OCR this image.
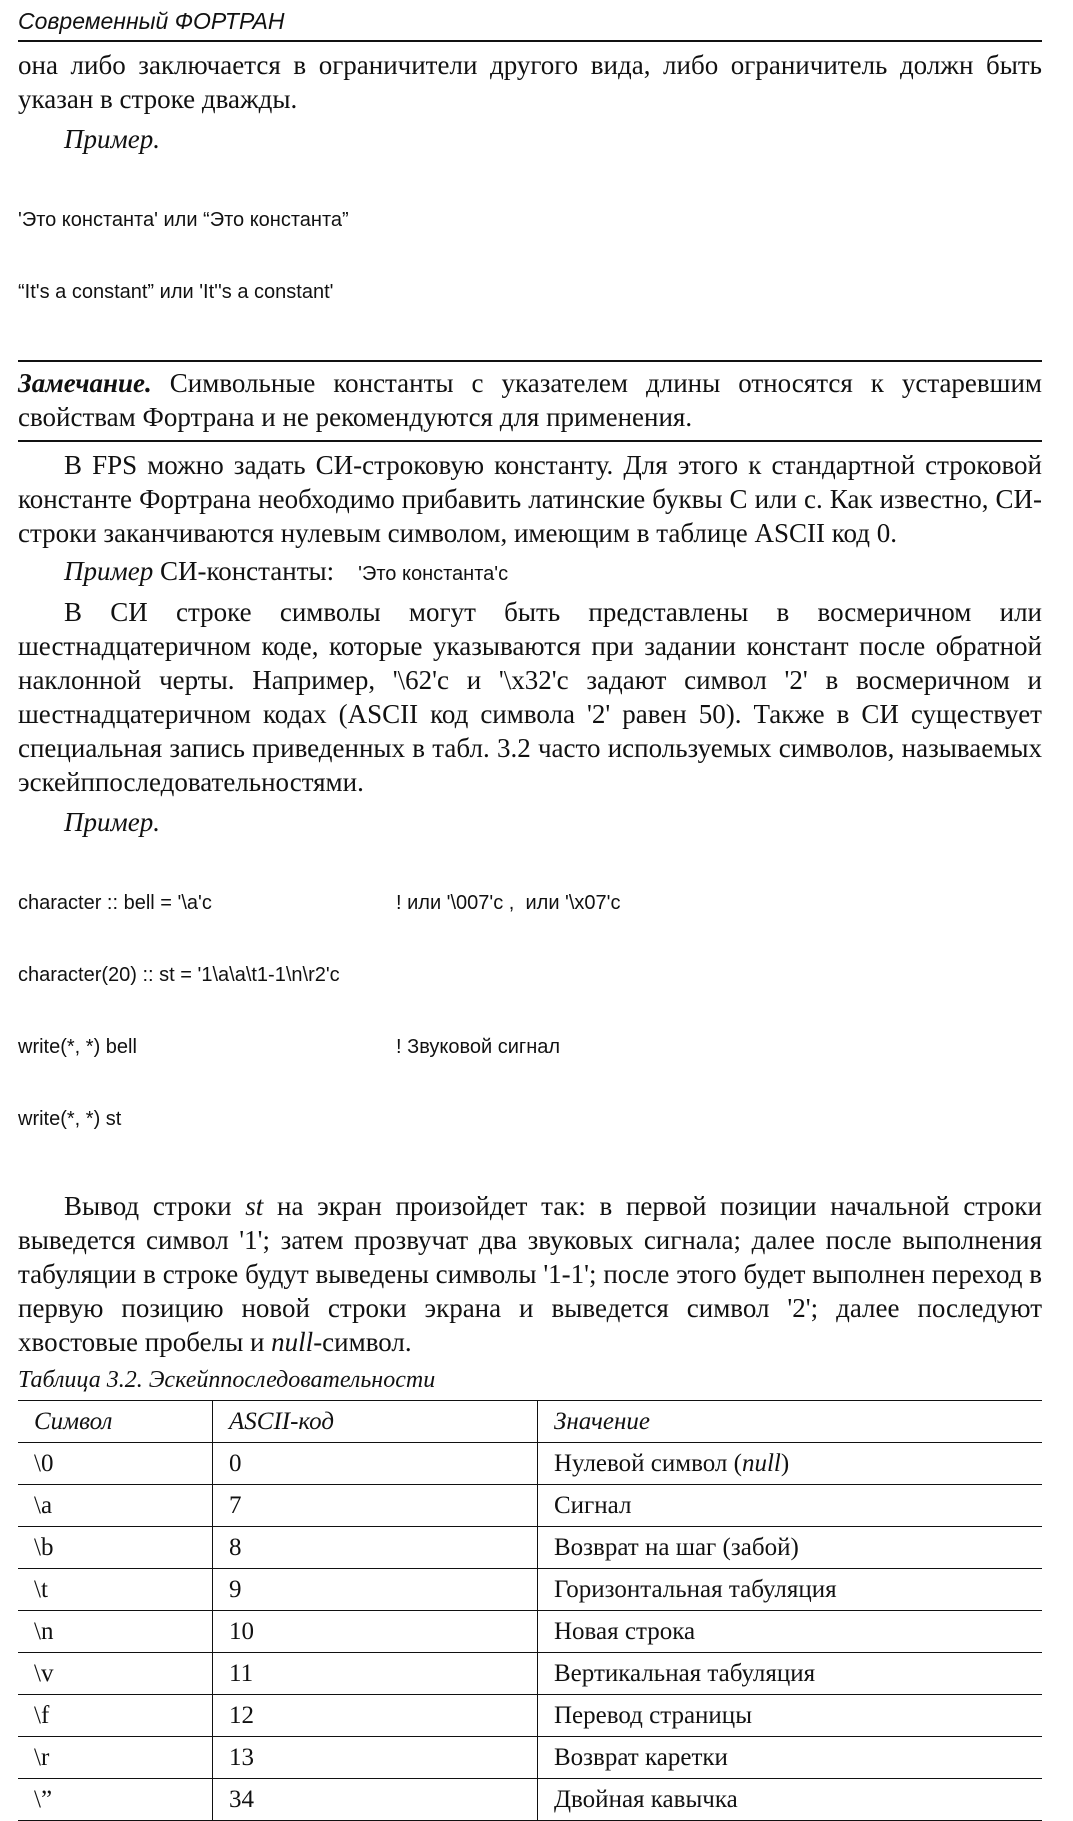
Современный ФОРТРАН

она либо заключается в ограничители другого вида, либо ограничитель должн быть указан в строке дважды.

Пример.

'Это константа' или “Это константа”

“It's a constant” или 'It''s a constant'

Замечание. Символьные константы с указателем длины относятся к устаревшим свойствам Фортрана и не рекомендуются для применения.

В FPS можно задать СИ-строковую константу. Для этого к стандартной строковой константе Фортрана необходимо прибавить латинские буквы С или с. Как известно, СИ-строки заканчиваются нулевым символом, имеющим в таблице ASCII код 0.

Пример СИ-константы: 'Это константа'c

В СИ строке символы могут быть представлены в восмеричном или шестнадцатеричном коде, которые указываются при задании констант после обратной наклонной черты. Например, '\62'c и '\x32'c задают символ '2' в восмеричном и шестнадцатеричном кодах (ASCII код символа '2' равен 50). Также в СИ существует специальная запись приведенных в табл. 3.2 часто используемых символов, называемых эскейппоследовательностями.

Пример.

character :: bell = '\a'c	! или '\007'c ,  или '\x07'c

character(20) :: st = '1\a\a\t1-1\n\r2'c

write(*, *) bell	! Звуковой сигнал

write(*, *) st

Вывод строки st на экран произойдет так: в первой позиции начальной строки выведется символ '1'; затем прозвучат два звуковых сигнала; далее после выполнения табуляции в строке будут выведены символы '1-1'; после этого будет выполнен переход в первую позицию новой строки экрана и выведется символ '2'; далее последуют хвостовые пробелы и null-символ.

Таблица 3.2. Эскейппоследовательности
Символ	ASCII-код	Значение
\0	0	Нулевой символ (null)
\a	7	Сигнал
\b	8	Возврат на шаг (забой)
\t	9	Горизонтальная табуляция
\n	10	Новая строка
\v	11	Вертикальная табуляция
\f	12	Перевод страницы
\r	13	Возврат каретки
\”	34	Двойная кавычка
